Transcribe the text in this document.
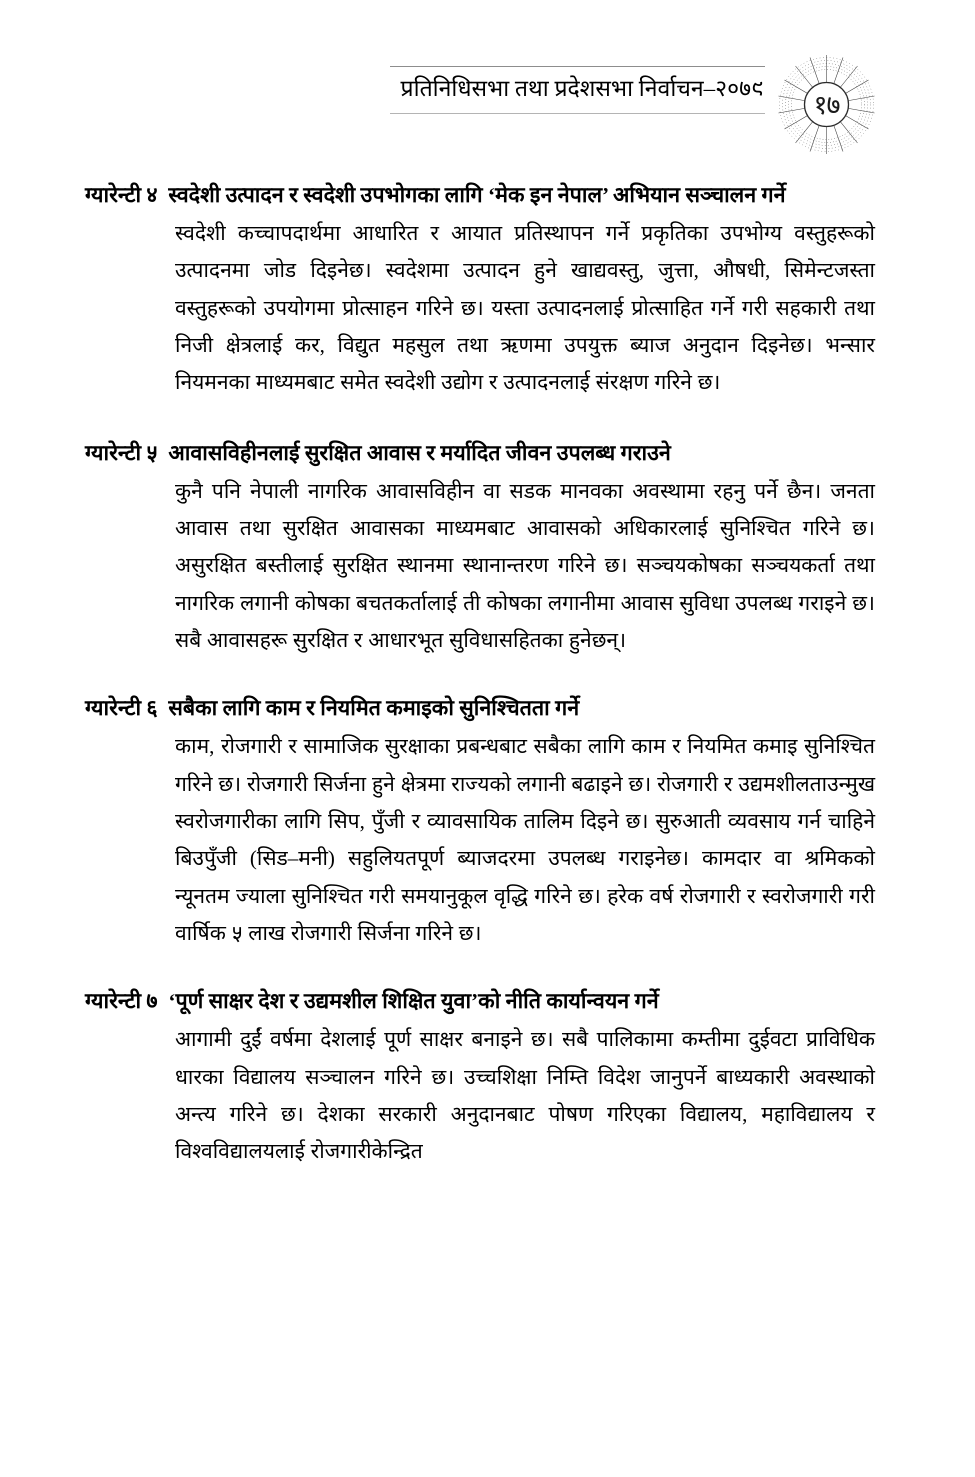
प्रतिनिधिसभा तथा प्रदेशसभा निर्वाचन–२०७९
१७
ग्यारेन्टी ४ स्वदेशी उत्पादन र स्वदेशी उपभोगका लागि ‘मेक इन नेपाल’ अभियान सञ्चालन गर्ने

स्वदेशी कच्चापदार्थमा आधारित र आयात प्रतिस्थापन गर्ने प्रकृतिका उपभोग्य वस्तुहरूको उत्पादनमा जोड दिइनेछ। स्वदेशमा उत्पादन हुने खाद्यवस्तु, जुत्ता, औषधी, सिमेन्टजस्ता वस्तुहरूको उपयोगमा प्रोत्साहन गरिने छ। यस्ता उत्पादनलाई प्रोत्साहित गर्ने गरी सहकारी तथा निजी क्षेत्रलाई कर, विद्युत महसुल तथा ऋणमा उपयुक्त ब्याज अनुदान दिइनेछ। भन्सार नियमनका माध्यमबाट समेत स्वदेशी उद्योग र उत्पादनलाई संरक्षण गरिने छ।

ग्यारेन्टी ५ आवासविहीनलाई सुरक्षित आवास र मर्यादित जीवन उपलब्ध गराउने

कुनै पनि नेपाली नागरिक आवासविहीन वा सडक मानवका अवस्थामा रहनु पर्ने छैन। जनता आवास तथा सुरक्षित आवासका माध्यमबाट आवासको अधिकारलाई सुनिश्चित गरिने छ। असुरक्षित बस्तीलाई सुरक्षित स्थानमा स्थानान्तरण गरिने छ। सञ्चयकोषका सञ्चयकर्ता तथा नागरिक लगानी कोषका बचतकर्तालाई ती कोषका लगानीमा आवास सुविधा उपलब्ध गराइने छ। सबै आवासहरू सुरक्षित र आधारभूत सुविधासहितका हुनेछन्।

ग्यारेन्टी ६ सबैका लागि काम र नियमित कमाइको सुनिश्चितता गर्ने

काम, रोजगारी र सामाजिक सुरक्षाका प्रबन्धबाट सबैका लागि काम र नियमित कमाइ सुनिश्चित गरिने छ। रोजगारी सिर्जना हुने क्षेत्रमा राज्यको लगानी बढाइने छ। रोजगारी र उद्यमशीलताउन्मुख स्वरोजगारीका लागि सिप, पुँजी र व्यावसायिक तालिम दिइने छ। सुरुआती व्यवसाय गर्न चाहिने बिउपुँजी (सिड–मनी) सहुलियतपूर्ण ब्याजदरमा उपलब्ध गराइनेछ। कामदार वा श्रमिकको न्यूनतम ज्याला सुनिश्चित गरी समयानुकूल वृद्धि गरिने छ। हरेक वर्ष रोजगारी र स्वरोजगारी गरी वार्षिक ५ लाख रोजगारी सिर्जना गरिने छ।

ग्यारेन्टी ७ ‘पूर्ण साक्षर देश र उद्यमशील शिक्षित युवा’को नीति कार्यान्वयन गर्ने

आगामी दुईं वर्षमा देशलाई पूर्ण साक्षर बनाइने छ। सबै पालिकामा कम्तीमा दुईवटा प्राविधिक धारका विद्यालय सञ्चालन गरिने छ। उच्चशिक्षा निम्ति विदेश जानुपर्ने बाध्यकारी अवस्थाको अन्त्य गरिने छ। देशका सरकारी अनुदानबाट पोषण गरिएका विद्यालय, महाविद्यालय र विश्वविद्यालयलाई रोजगारीकेन्द्रित
